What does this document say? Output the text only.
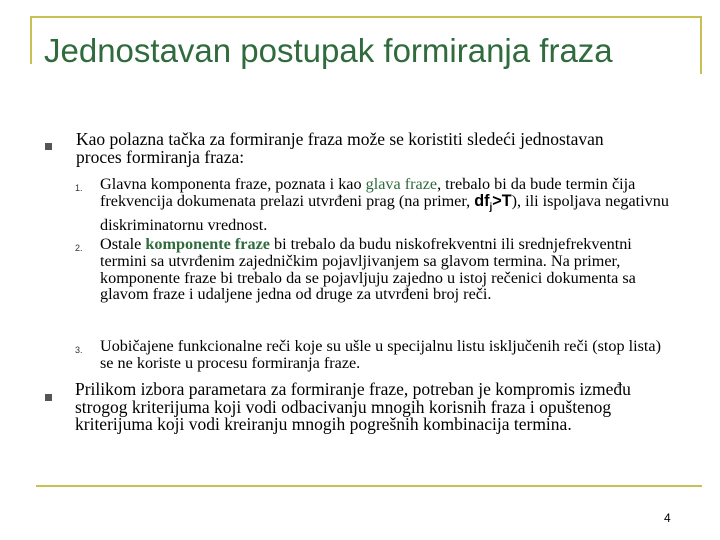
Jednostavan postupak formiranja fraza

Kao polazna tačka za formiranje fraza može se koristiti sledeći jednostavan proces formiranja fraza:

1. Glavna komponenta fraze, poznata i kao glava fraze, trebalo bi da bude termin čija frekvencija dokumenata prelazi utvrđeni prag (na primer, $df_j>T$), ili ispoljava negativnu diskriminatornu vrednost.

2. Ostale komponente fraze bi trebalo da budu niskofrekventni ili srednjefrekventni termini sa utvrđenim zajedničkim pojavljivanjem sa glavom termina. Na primer, komponente fraze bi trebalo da se pojavljuju zajedno u istoj rečenici dokumenta sa glavom fraze i udaljene jedna od druge za utvrđeni broj reči.

3. Uobičajene funkcionalne reči koje su ušle u specijalnu listu isključenih reči (stop lista) se ne koriste u procesu formiranja fraze.

Prilikom izbora parametara za formiranje fraze, potreban je kompromis između strogog kriterijuma koji vodi odbacivanju mnogih korisnih fraza i opuštenog kriterijuma koji vodi kreiranju mnogih pogrešnih kombinacija termina.

4
